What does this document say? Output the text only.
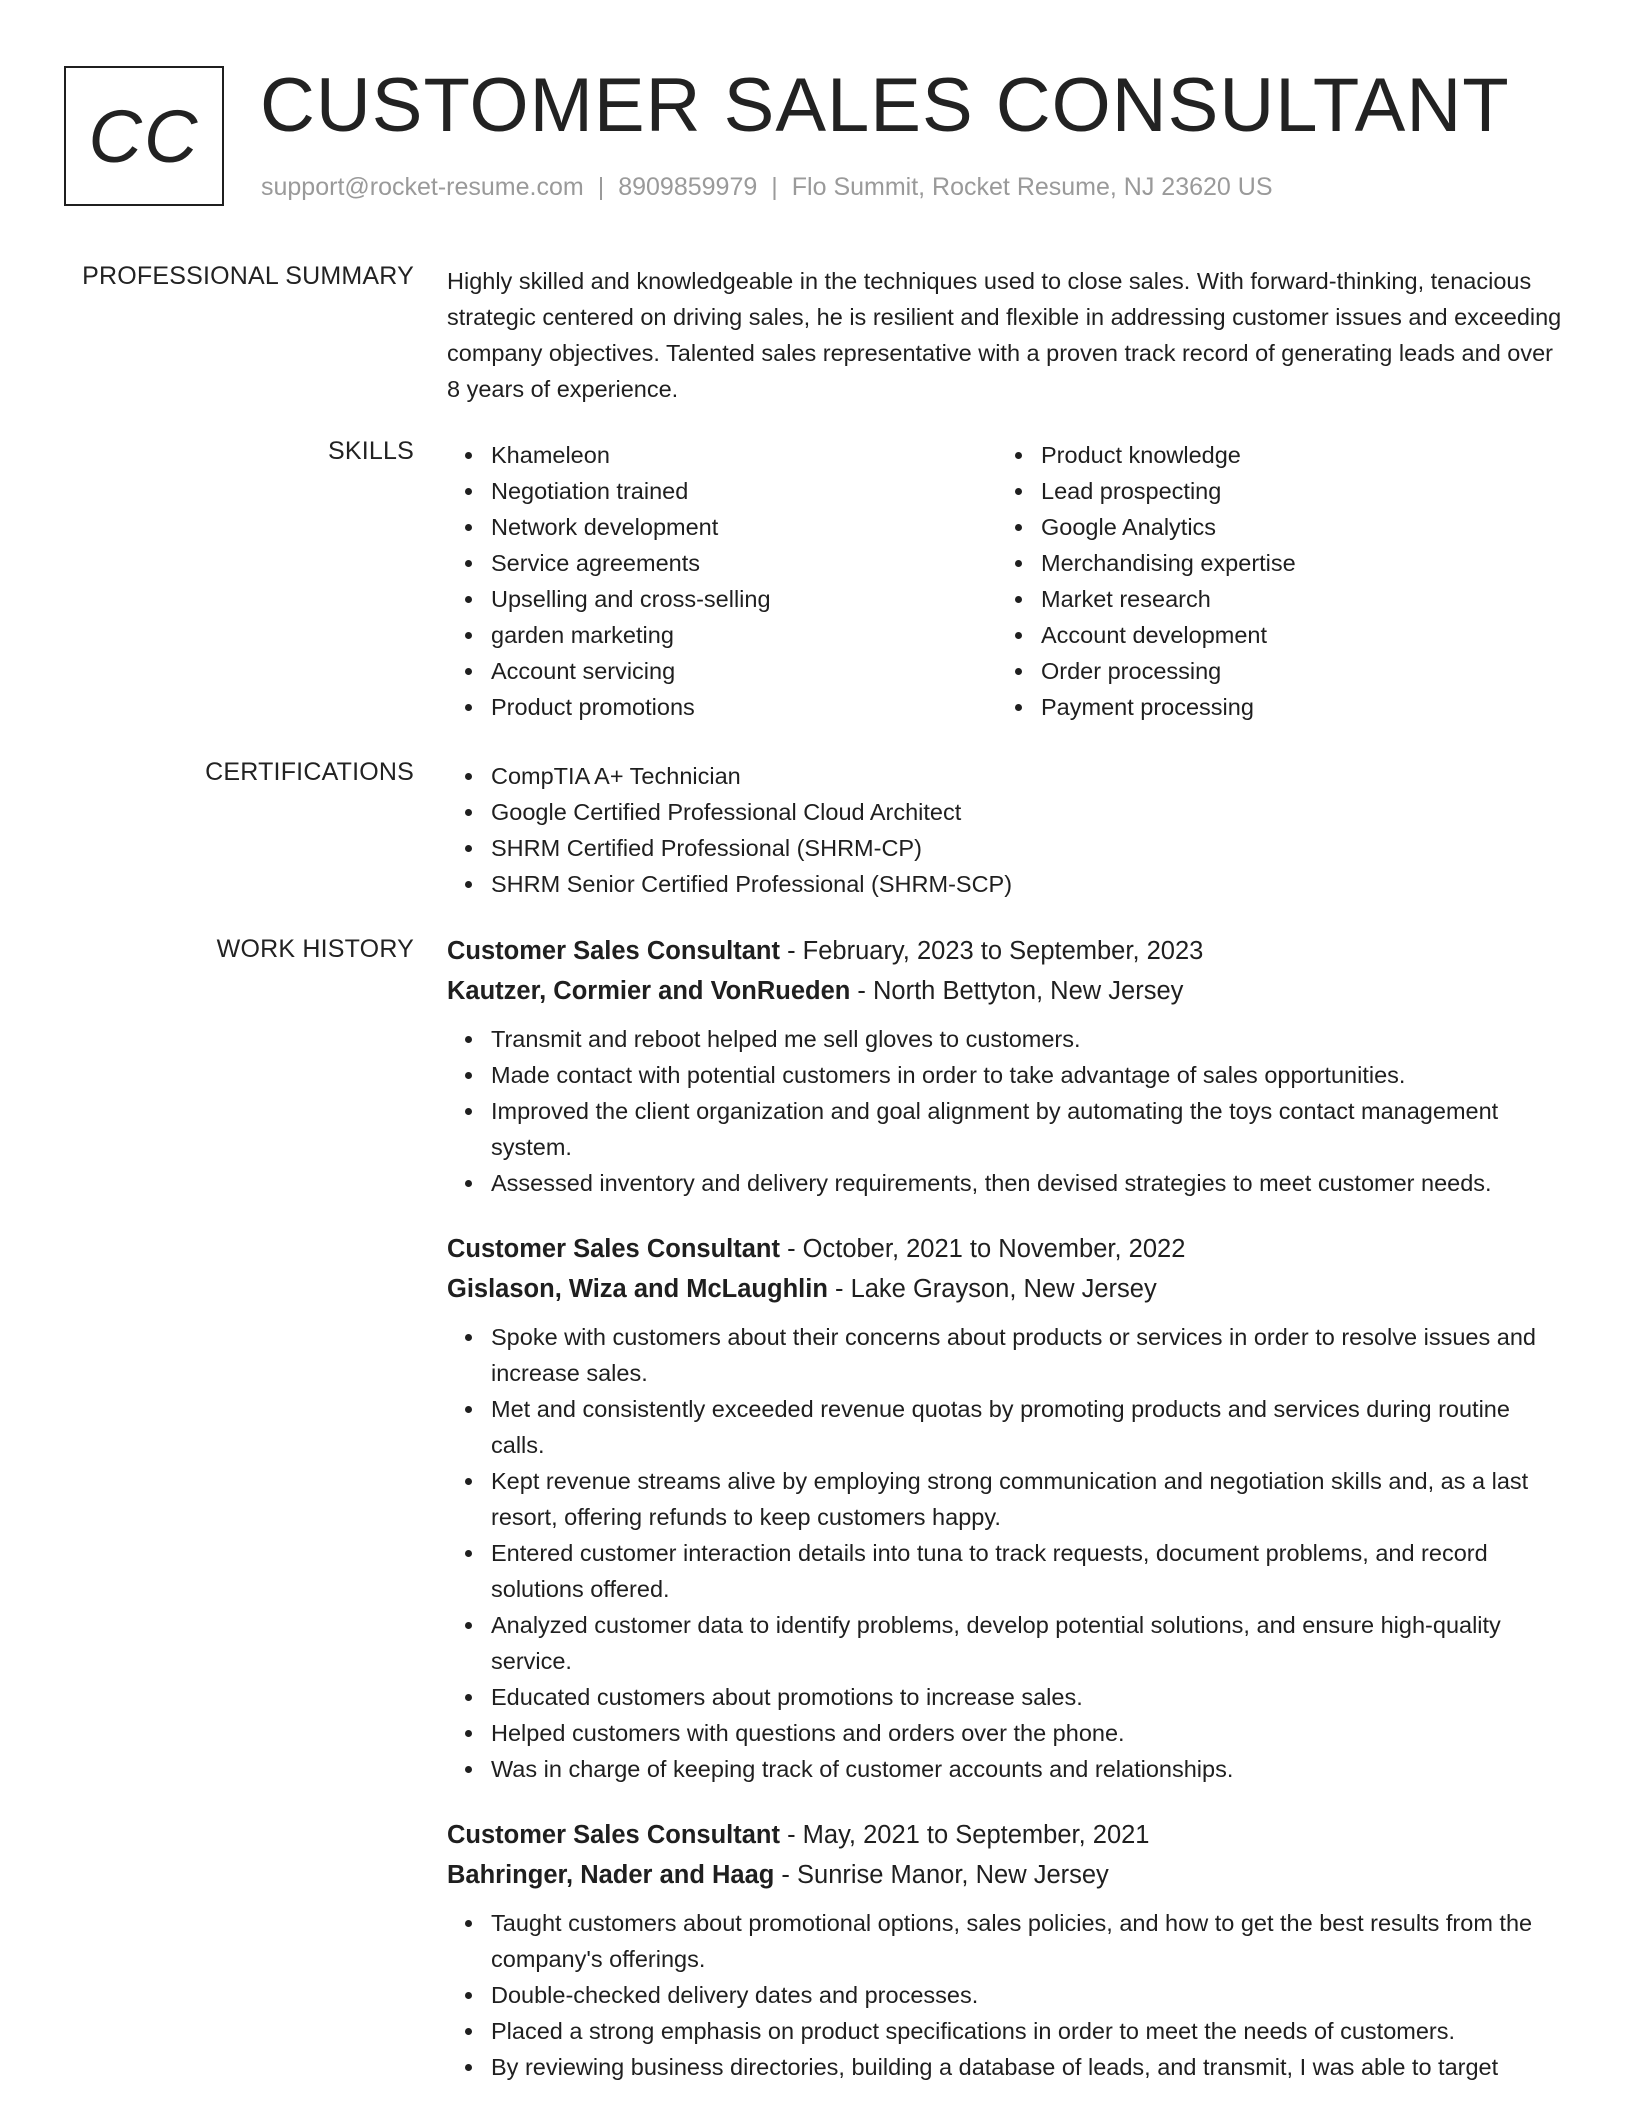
CC CUSTOMER SALES CONSULTANT
support@rocket-resume.com | 8909859979 | Flo Summit, Rocket Resume, NJ 23620 US
PROFESSIONAL SUMMARY Highly skilled and knowledgeable in the techniques used to close sales. With forward-thinking, tenacious strategic centered on driving sales, he is resilient and flexible in addressing customer issues and exceeding company objectives. Talented sales representative with a proven track record of generating leads and over 8 years of experience.

SKILLS	Khameleon
Negotiation trained
Network development
Service agreements
Upselling and cross-selling
garden marketing
Account servicing
Product promotions
Product knowledge
Lead prospecting
Google Analytics
Merchandising expertise
Market research
Account development
Order processing
Payment processing
CERTIFICATIONS	CompTIA A+ Technician
Google Certified Professional Cloud Architect
SHRM Certified Professional (SHRM-CP)
SHRM Senior Certified Professional (SHRM-SCP)
WORK HISTORY Customer Sales Consultant - February, 2023 to September, 2023
Kautzer, Cormier and VonRueden - North Bettyton, New Jersey
Transmit and reboot helped me sell gloves to customers.
Made contact with potential customers in order to take advantage of sales opportunities.
Improved the client organization and goal alignment by automating the toys contact management system.
Assessed inventory and delivery requirements, then devised strategies to meet customer needs.
Customer Sales Consultant - October, 2021 to November, 2022
Gislason, Wiza and McLaughlin - Lake Grayson, New Jersey
Spoke with customers about their concerns about products or services in order to resolve issues and increase sales.
Met and consistently exceeded revenue quotas by promoting products and services during routine calls.
Kept revenue streams alive by employing strong communication and negotiation skills and, as a last resort, offering refunds to keep customers happy.
Entered customer interaction details into tuna to track requests, document problems, and record solutions offered.
Analyzed customer data to identify problems, develop potential solutions, and ensure high-quality service.
Educated customers about promotions to increase sales.
Helped customers with questions and orders over the phone.
Was in charge of keeping track of customer accounts and relationships.
Customer Sales Consultant - May, 2021 to September, 2021
Bahringer, Nader and Haag - Sunrise Manor, New Jersey
Taught customers about promotional options, sales policies, and how to get the best results from the company's offerings.
Double-checked delivery dates and processes.
Placed a strong emphasis on product specifications in order to meet the needs of customers.
By reviewing business directories, building a database of leads, and transmit, I was able to target
